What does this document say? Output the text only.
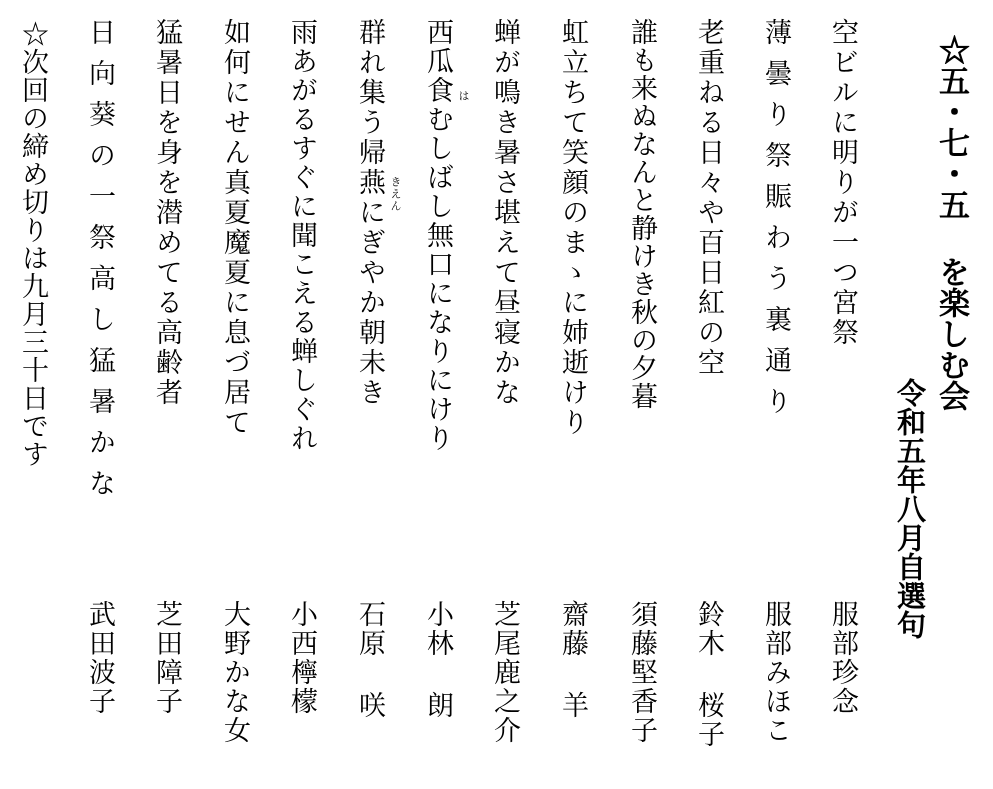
☆五・七・五 を楽しむ会
令和五年八月自選句
空ビルに明りが一つ宮祭
服部珍念
薄曇り祭賑わう裏通り
服部みほこ
老重ねる日々や百日紅の空
鈴木 桜子
誰も来ぬなんと静けき秋の夕暮
須藤堅香子
虹立ちて笑顔のまゝに姉逝けり
齋藤 羊
蝉が鳴き暑さ堪えて昼寝かな
芝尾鹿之介
西瓜食むしばし無口になりにけり は
小林 朗
群れ集う帰燕にぎやか朝未き きえん
石原 咲
雨あがるすぐに聞こえる蝉しぐれ
小西檸檬
如何にせん真夏魔夏に息づ居て
大野かな女
猛暑日を身を潜めてる高齢者
芝田障子
日向葵の一祭高し猛暑かな
武田波子
☆次回の締め切りは九月三十日です
